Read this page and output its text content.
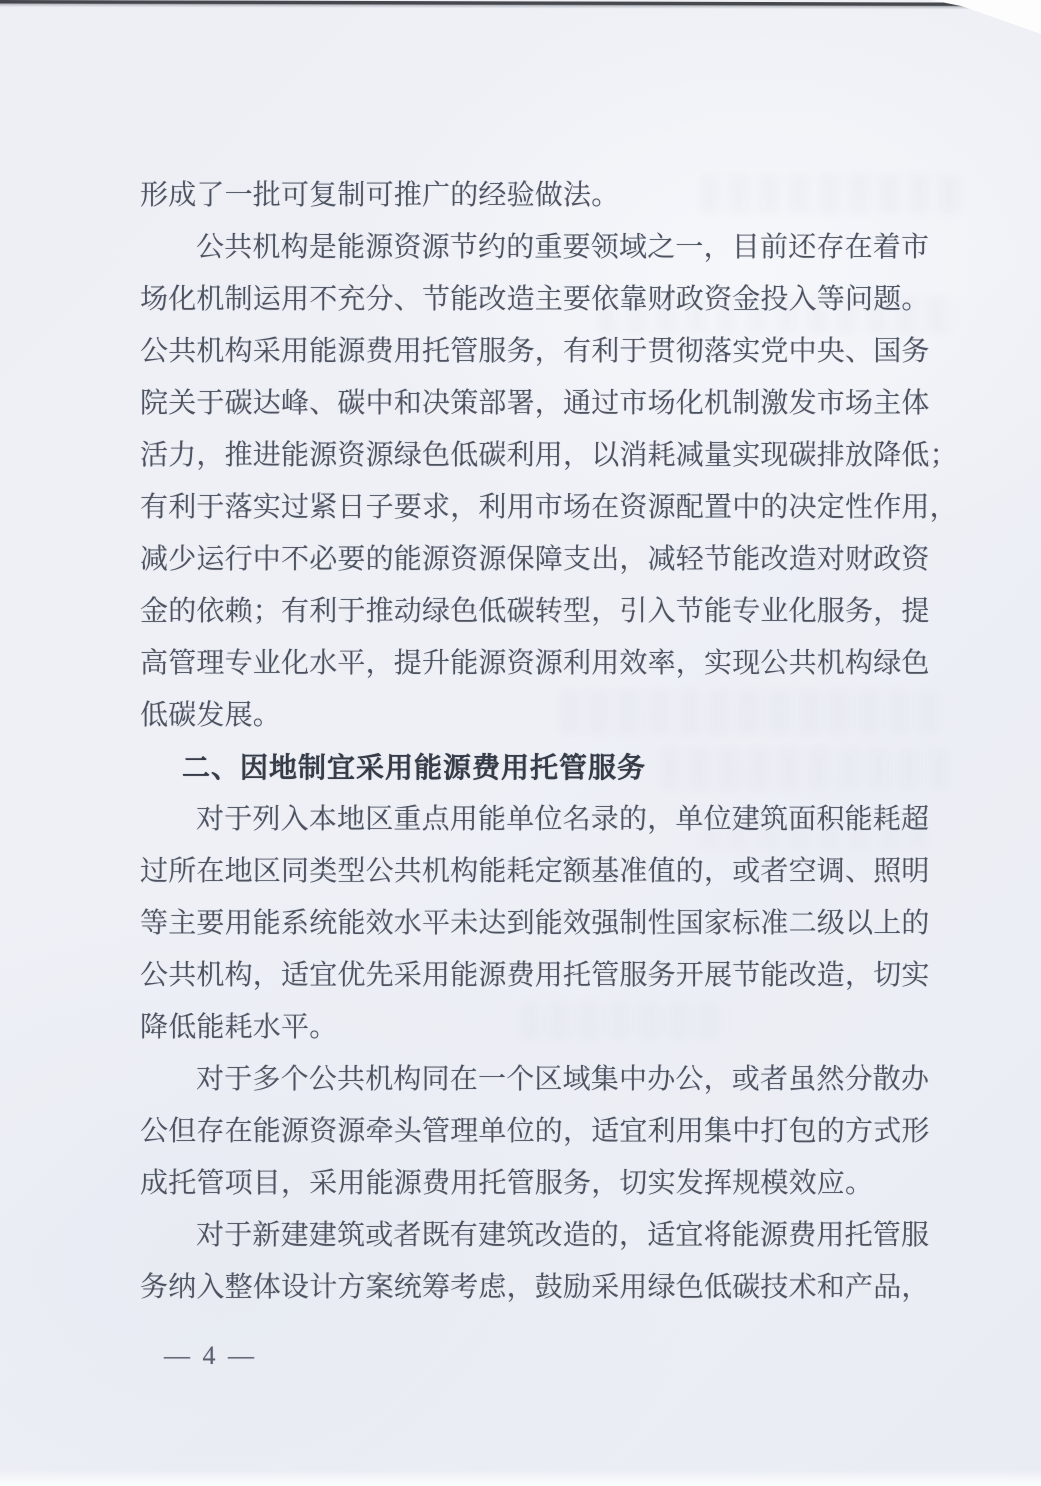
形成了一批可复制可推广的经验做法。

公共机构是能源资源节约的重要领域之一，目前还存在着市

场化机制运用不充分、节能改造主要依靠财政资金投入等问题。

公共机构采用能源费用托管服务，有利于贯彻落实党中央、国务

院关于碳达峰、碳中和决策部署，通过市场化机制激发市场主体

活力，推进能源资源绿色低碳利用，以消耗减量实现碳排放降低；

有利于落实过紧日子要求，利用市场在资源配置中的决定性作用，

减少运行中不必要的能源资源保障支出，减轻节能改造对财政资

金的依赖；有利于推动绿色低碳转型，引入节能专业化服务，提

高管理专业化水平，提升能源资源利用效率，实现公共机构绿色

低碳发展。

二、因地制宜采用能源费用托管服务

对于列入本地区重点用能单位名录的，单位建筑面积能耗超

过所在地区同类型公共机构能耗定额基准值的，或者空调、照明

等主要用能系统能效水平未达到能效强制性国家标准二级以上的

公共机构，适宜优先采用能源费用托管服务开展节能改造，切实

降低能耗水平。

对于多个公共机构同在一个区域集中办公，或者虽然分散办

公但存在能源资源牵头管理单位的，适宜利用集中打包的方式形

成托管项目，采用能源费用托管服务，切实发挥规模效应。

对于新建建筑或者既有建筑改造的，适宜将能源费用托管服

务纳入整体设计方案统筹考虑，鼓励采用绿色低碳技术和产品，

— 4 —
